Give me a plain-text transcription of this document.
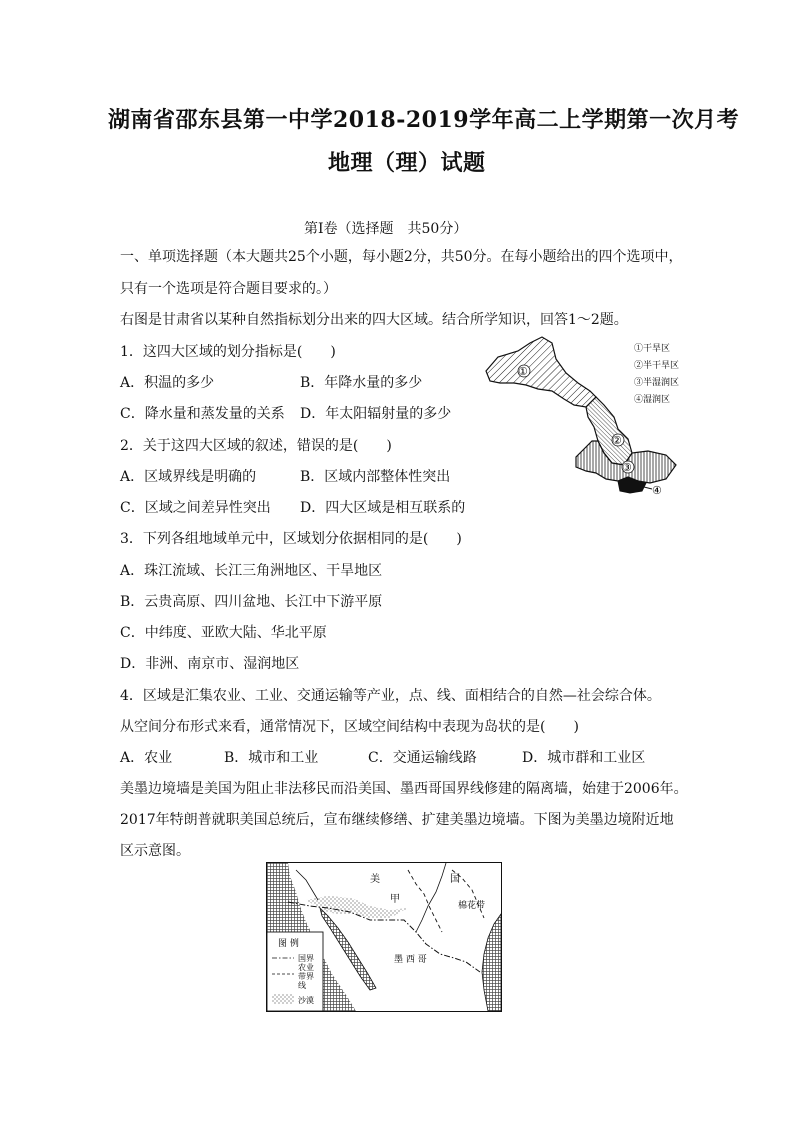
湖南省邵东县第一中学2018-2019学年高二上学期第一次月考
地理（理）试题
第Ⅰ卷（选择题　共50分）
一、单项选择题（本大题共25个小题，每小题2分，共50分。在每小题给出的四个选项中，
只有一个选项是符合题目要求的。）
右图是甘肃省以某种自然指标划分出来的四大区域。结合所学知识，回答1～2题。
1．这四大区域的划分指标是(　　)
A．积温的多少	B．年降水量的多少
C．降水量和蒸发量的关系 D．年太阳辐射量的多少
2．关于这四大区域的叙述，错误的是(　　)
A．区域界线是明确的	B．区域内部整体性突出
C．区域之间差异性突出 D．四大区域是相互联系的
3．下列各组地域单元中，区域划分依据相同的是(　　)
A．珠江流域、长江三角洲地区、干旱地区
B．云贵高原、四川盆地、长江中下游平原
C．中纬度、亚欧大陆、华北平原
D．非洲、南京市、湿润地区
4．区域是汇集农业、工业、交通运输等产业，点、线、面相结合的自然—社会综合体。
从空间分布形式来看，通常情况下，区域空间结构中表现为岛状的是(　　)
A．农业	B．城市和工业	C．交通运输线路	D．城市群和工业区
美墨边境墙是美国为阻止非法移民而沿美国、墨西哥国界线修建的隔离墙，始建于2006年。
2017年特朗普就职美国总统后，宣布继续修缮、扩建美墨边境墙。下图为美墨边境附近地
区示意图。
①
②
③
④
①干旱区
②半干旱区
③半湿润区
④湿润区
美	国
甲
棉花带
墨 西 哥
图 例
国界
农业
带界
线
沙漠
